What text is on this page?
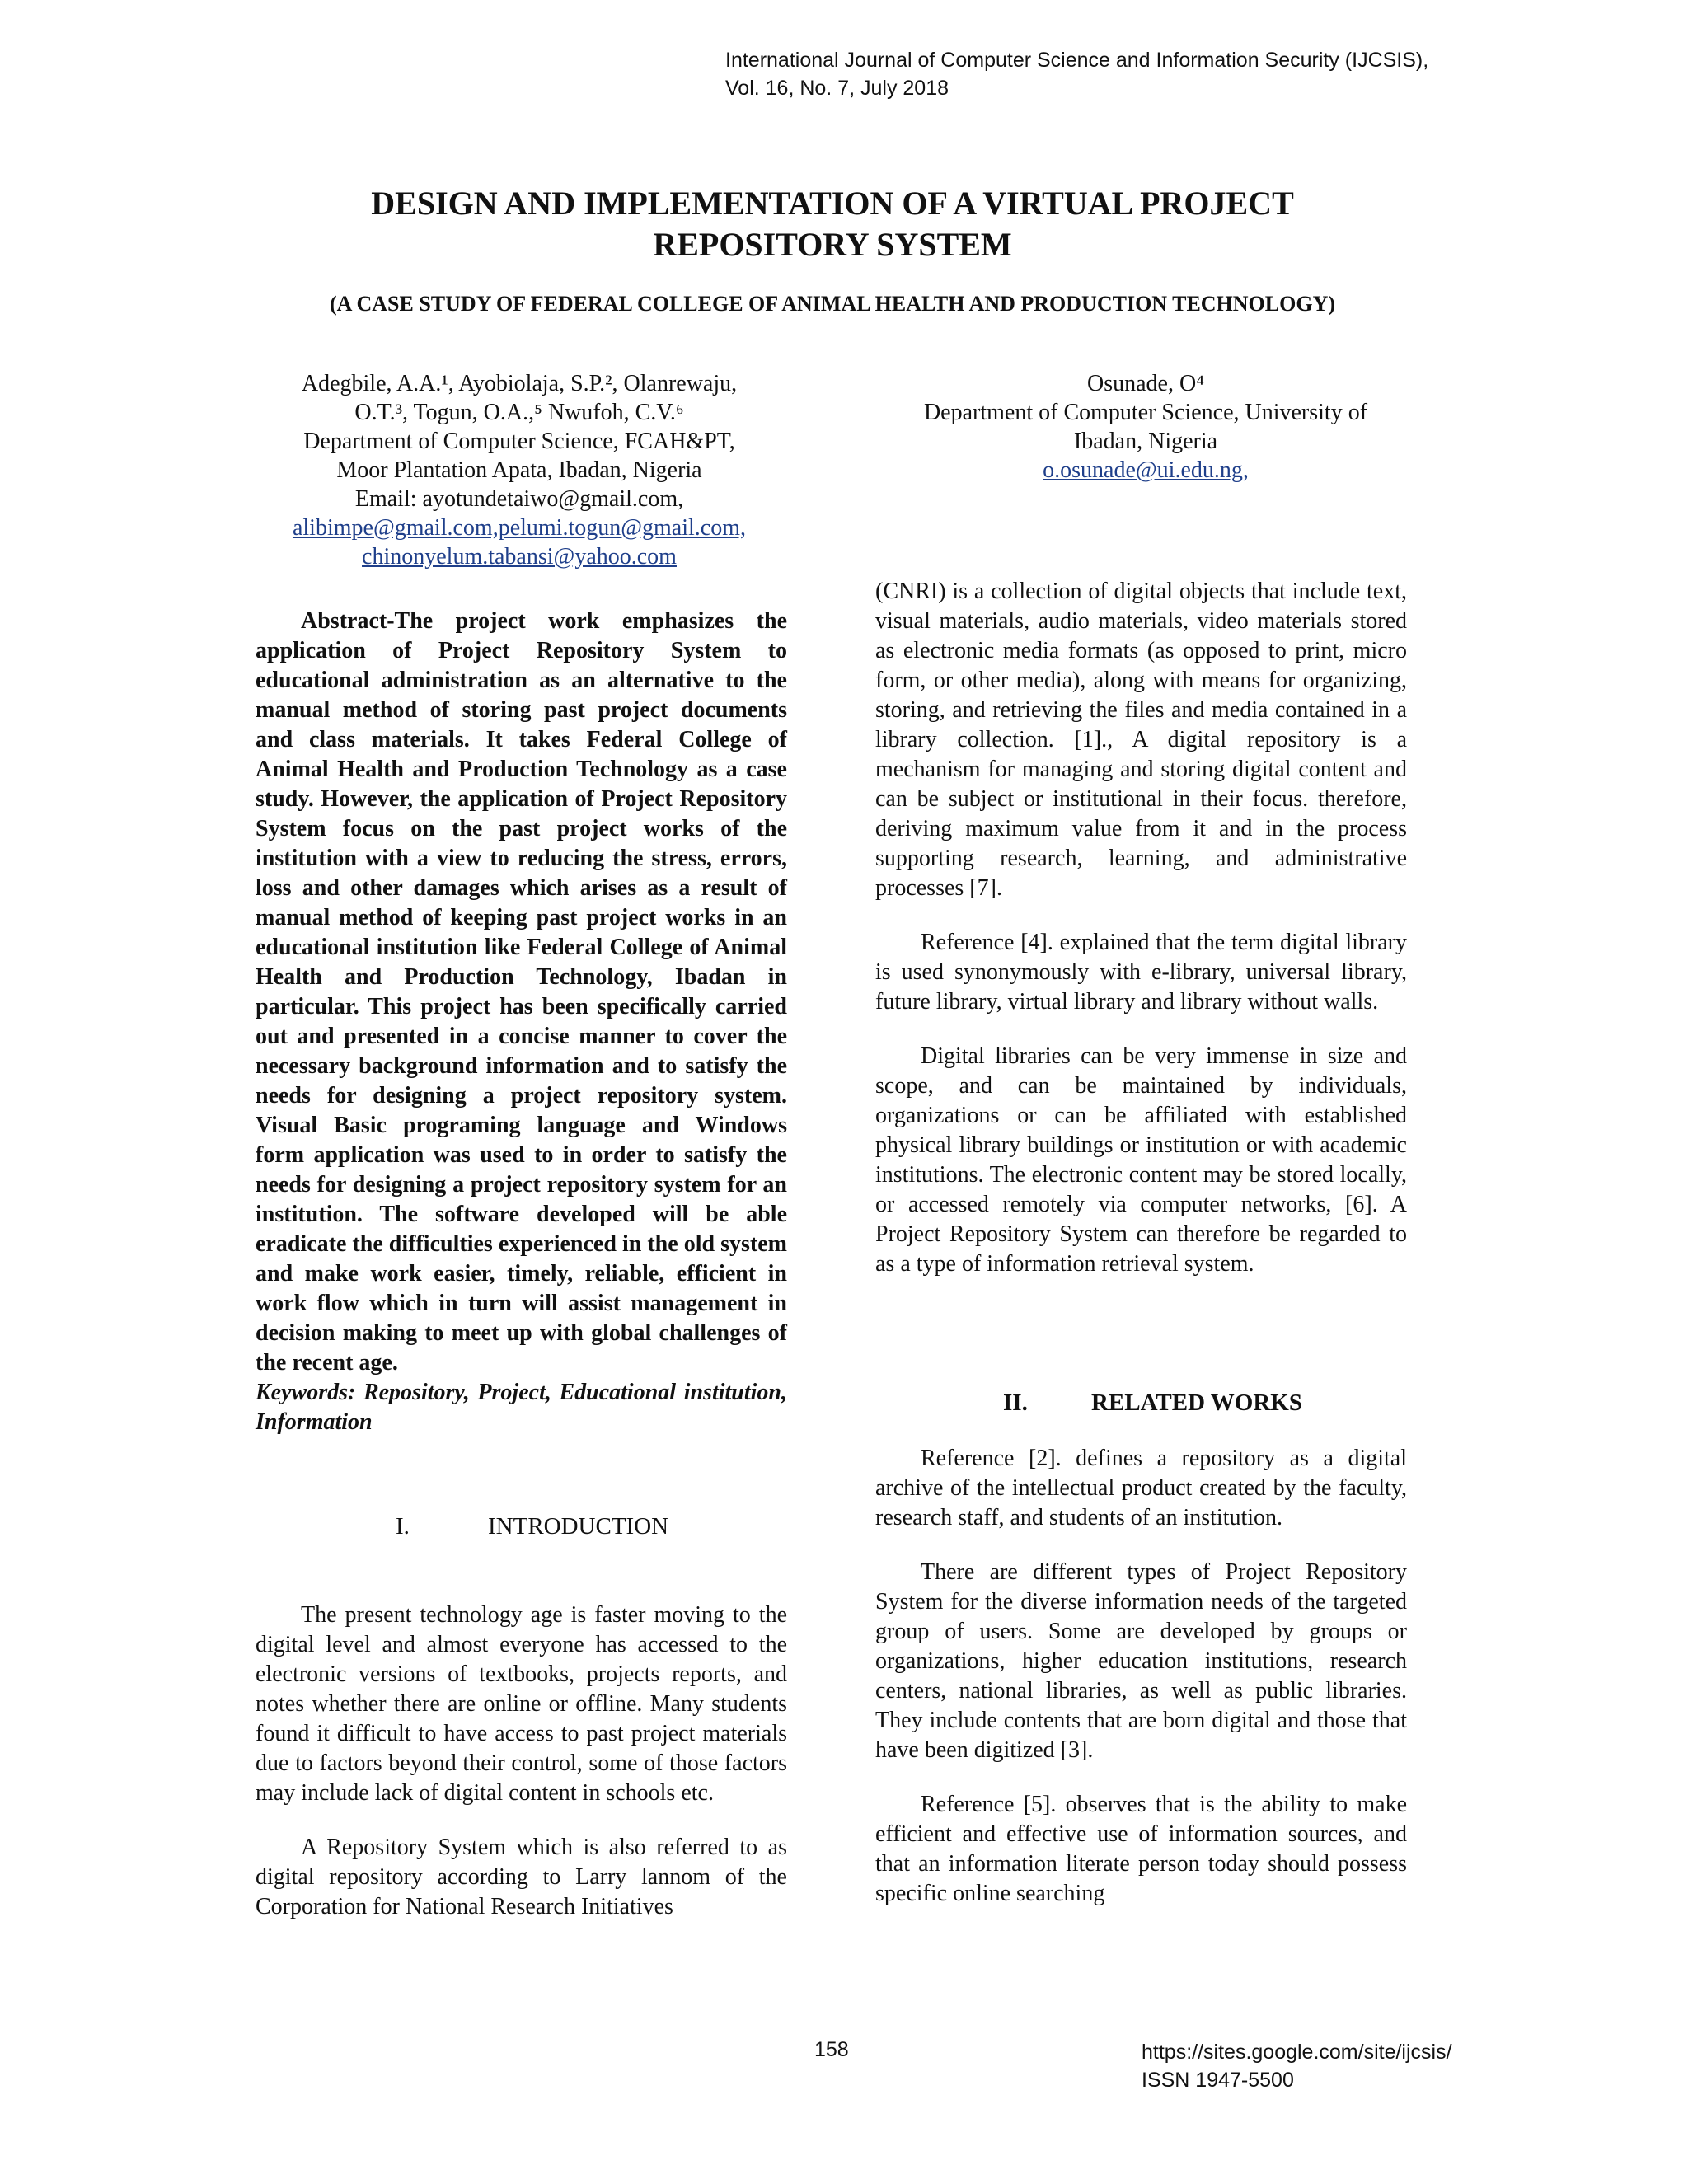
International Journal of Computer Science and Information Security (IJCSIS),
Vol. 16, No. 7, July 2018
DESIGN AND IMPLEMENTATION OF A VIRTUAL PROJECT
REPOSITORY SYSTEM
(A CASE STUDY OF FEDERAL COLLEGE OF ANIMAL HEALTH AND PRODUCTION TECHNOLOGY)

Adegbile, A.A.¹, Ayobiolaja, S.P.², Olanrewaju,

O.T.³, Togun, O.A.,⁵ Nwufoh, C.V.⁶

Department of Computer Science, FCAH&PT,

Moor Plantation Apata, Ibadan, Nigeria

Email: ayotundetaiwo@gmail.com,

alibimpe@gmail.com,pelumi.togun@gmail.com,

chinonyelum.tabansi@yahoo.com

Osunade, O⁴

Department of Computer Science, University of

Ibadan, Nigeria

o.osunade@ui.edu.ng,

Abstract-The project work emphasizes the application of Project Repository System to educational administration as an alternative to the manual method of storing past project documents and class materials. It takes Federal College of Animal Health and Production Technology as a case study. However, the application of Project Repository System focus on the past project works of the institution with a view to reducing the stress, errors, loss and other damages which arises as a result of manual method of keeping past project works in an educational institution like Federal College of Animal Health and Production Technology, Ibadan in particular. This project has been specifically carried out and presented in a concise manner to cover the necessary background information and to satisfy the needs for designing a project repository system. Visual Basic programing language and Windows form application was used to in order to satisfy the needs for designing a project repository system for an institution. The software developed will be able eradicate the difficulties experienced in the old system and make work easier, timely, reliable, efficient in work flow which in turn will assist management in decision making to meet up with global challenges of the recent age.

Keywords: Repository, Project, Educational institution, Information

I.	INTRODUCTION

The present technology age is faster moving to the digital level and almost everyone has accessed to the electronic versions of textbooks, projects reports, and notes whether there are online or offline. Many students found it difficult to have access to past project materials due to factors beyond their control, some of those factors may include lack of digital content in schools etc.

A Repository System which is also referred to as digital repository according to Larry lannom of the Corporation for National Research Initiatives

(CNRI) is a collection of digital objects that include text, visual materials, audio materials, video materials stored as electronic media formats (as opposed to print, micro form, or other media), along with means for organizing, storing, and retrieving the files and media contained in a library collection. [1]., A digital repository is a mechanism for managing and storing digital content and can be subject or institutional in their focus. therefore, deriving maximum value from it and in the process supporting research, learning, and administrative processes [7].

Reference [4]. explained that the term digital library is used synonymously with e-library, universal library, future library, virtual library and library without walls.

Digital libraries can be very immense in size and scope, and can be maintained by individuals, organizations or can be affiliated with established physical library buildings or institution or with academic institutions. The electronic content may be stored locally, or accessed remotely via computer networks, [6]. A Project Repository System can therefore be regarded to as a type of information retrieval system.

II.	RELATED WORKS

Reference [2]. defines a repository as a digital archive of the intellectual product created by the faculty, research staff, and students of an institution.

There are different types of Project Repository System for the diverse information needs of the targeted group of users. Some are developed by groups or organizations, higher education institutions, research centers, national libraries, as well as public libraries. They include contents that are born digital and those that have been digitized [3].

Reference [5]. observes that is the ability to make efficient and effective use of information sources, and that an information literate person today should possess specific online searching

158	https://sites.google.com/site/ijcsis/
ISSN 1947-5500
